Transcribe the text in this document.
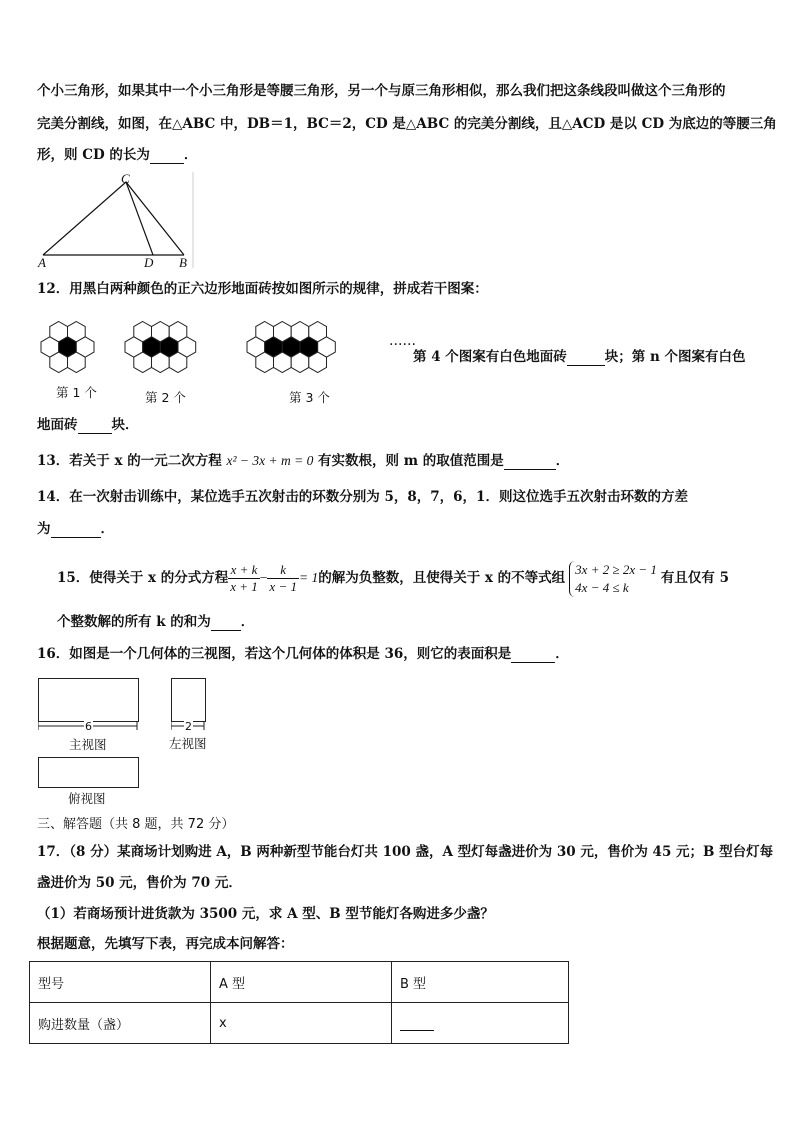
个小三角形，如果其中一个小三角形是等腰三角形，另一个与原三角形相似，那么我们把这条线段叫做这个三角形的
完美分割线，如图，在△ABC 中，DB＝1，BC＝2，CD 是△ABC 的完美分割线，且△ACD 是以 CD 为底边的等腰三角
形，则 CD 的长为	．
C
A	D B
12．用黑白两种颜色的正六边形地面砖按如图所示的规律，拼成若干图案：
第 1 个	第 2 个	第 3 个
……
第 4 个图案有白色地面砖	块；第 n 个图案有白色
地面砖	块．
13．若关于 x 的一元二次方程 x² − 3x + m = 0 有实数根，则 m 的取值范围是	．
14．在一次射击训练中，某位选手五次射击的环数分别为 5，8，7，6，1．则这位选手五次射击环数的方差
为	．
15．使得关于 x 的分式方程 $\frac{x + k}{x + 1} - \frac{k}{x - 1} = 1$的解为负整数，且使得关于 x 的不等式组
3x + 2 ≥ 2x − 1
4x − 4 ≤ k
有且仅有 5
个整数解的所有 k 的和为 ．
16．如图是一个几何体的三视图，若这个几何体的体积是 36，则它的表面积是	．
6
主视图
2
左视图
俯视图
三、解答题（共 8 题，共 72 分）
17．（8 分）某商场计划购进 A，B 两种新型节能台灯共 100 盏，A 型灯每盏进价为 30 元，售价为 45 元；B 型台灯每
盏进价为 50 元，售价为 70 元．
（1）若商场预计进货款为 3500 元，求 A 型、B 型节能灯各购进多少盏？
根据题意，先填写下表，再完成本问解答：
型号	A 型	B 型
购进数量（盏）	x	
